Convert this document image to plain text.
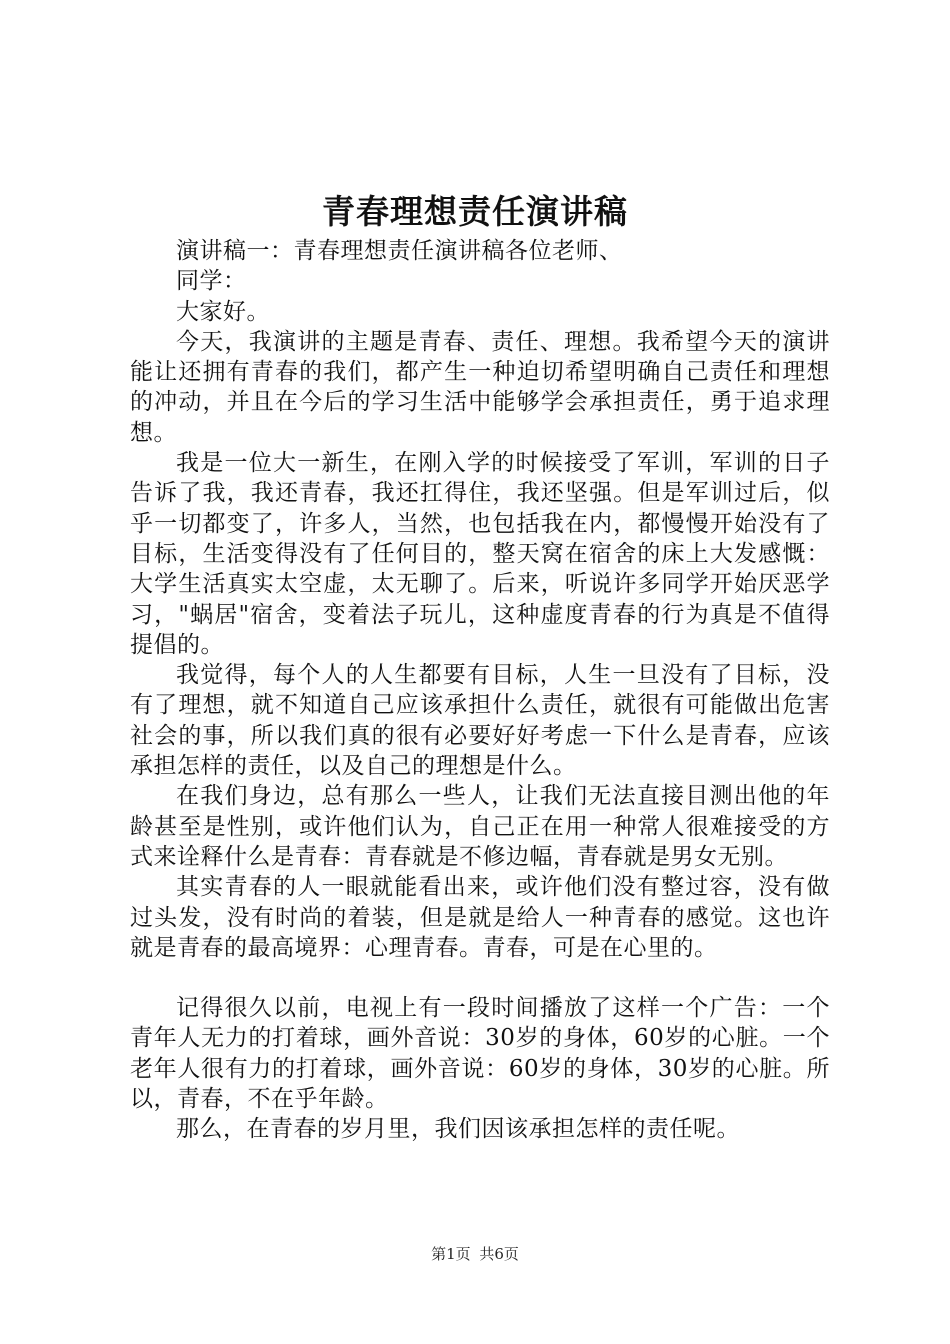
青春理想责任演讲稿

演讲稿一：青春理想责任演讲稿各位老师、

同学：

大家好。

今天，我演讲的主题是青春、责任、理想。我希望今天的演讲能让还拥有青春的我们，都产生一种迫切希望明确自己责任和理想的冲动，并且在今后的学习生活中能够学会承担责任，勇于追求理想。

我是一位大一新生，在刚入学的时候接受了军训，军训的日子告诉了我，我还青春，我还扛得住，我还坚强。但是军训过后，似乎一切都变了，许多人，当然，也包括我在内，都慢慢开始没有了目标，生活变得没有了任何目的，整天窝在宿舍的床上大发感慨：大学生活真实太空虚，太无聊了。后来，听说许多同学开始厌恶学习，"蜗居"宿舍，变着法子玩儿，这种虚度青春的行为真是不值得提倡的。

我觉得，每个人的人生都要有目标，人生一旦没有了目标，没有了理想，就不知道自己应该承担什么责任，就很有可能做出危害社会的事，所以我们真的很有必要好好考虑一下什么是青春，应该承担怎样的责任，以及自己的理想是什么。

在我们身边，总有那么一些人，让我们无法直接目测出他的年龄甚至是性别，或许他们认为，自己正在用一种常人很难接受的方式来诠释什么是青春：青春就是不修边幅，青春就是男女无别。

其实青春的人一眼就能看出来，或许他们没有整过容，没有做过头发，没有时尚的着装，但是就是给人一种青春的感觉。这也许就是青春的最高境界：心理青春。青春，可是在心里的。

记得很久以前，电视上有一段时间播放了这样一个广告：一个青年人无力的打着球，画外音说：30岁的身体，60岁的心脏。一个老年人很有力的打着球，画外音说：60岁的身体，30岁的心脏。所以，青春，不在乎年龄。

那么，在青春的岁月里，我们因该承担怎样的责任呢。

第1页 共6页
